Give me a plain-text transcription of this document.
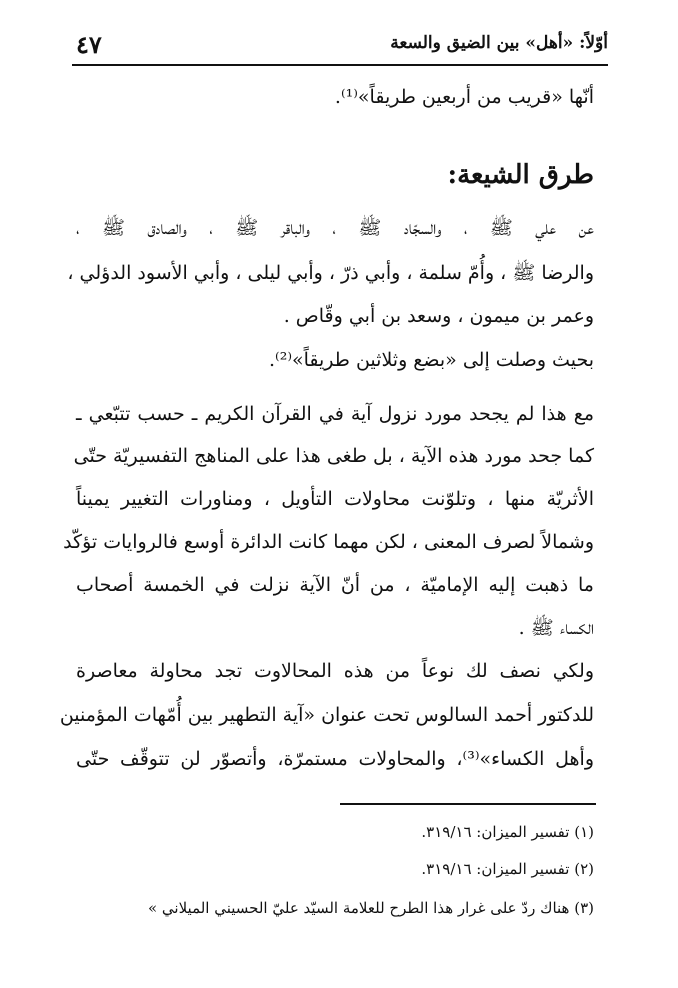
٤٧	أوّلاً: «أهل» بين الضيق والسعة
أنّها «قريب من أربعين طريقاً»⁽¹⁾.
طرق الشيعة:
عن علي ﷺ ، والسجّاد ﷺ ، والباقر ﷺ ، والصادق ﷺ ،
والرضا ﷺ ، وأُمّ سلمة ، وأبي ذرّ ، وأبي ليلى ، وأبي الأسود الدؤلي ،
وعمر بن ميمون ، وسعد بن أبي وقّاص .
بحيث وصلت إلى «بضع وثلاثين طريقاً»⁽²⁾.
مع هذا لم يجحد مورد نزول آية في القرآن الكريم ـ حسب تتبّعي ـ
كما جحد مورد هذه الآية ، بل طغى هذا على المناهج التفسيريّة حتّى
الأثريّة منها ، وتلوّنت محاولات التأويل ، ومناورات التغيير يميناً
وشمالاً لصرف المعنى ، لكن مهما كانت الدائرة أوسع فالروايات تؤكّد
ما ذهبت إليه الإماميّة ، من أنّ الآية نزلت في الخمسة أصحاب
الكساء ﷺ .
ولكي نصف لك نوعاً من هذه المحالاوت تجد محاولة معاصرة
للدكتور أحمد السالوس تحت عنوان «آية التطهير بين أُمّهات المؤمنين
وأهل الكساء»⁽³⁾، والمحاولات مستمرّة، وأتصوّر لن تتوقّف حتّى
(١) تفسير الميزان: ٣١٩/١٦.
(٢) تفسير الميزان: ٣١٩/١٦.
(٣) هناك ردّ على غرار هذا الطرح للعلامة السيّد عليّ الحسيني الميلاني »
